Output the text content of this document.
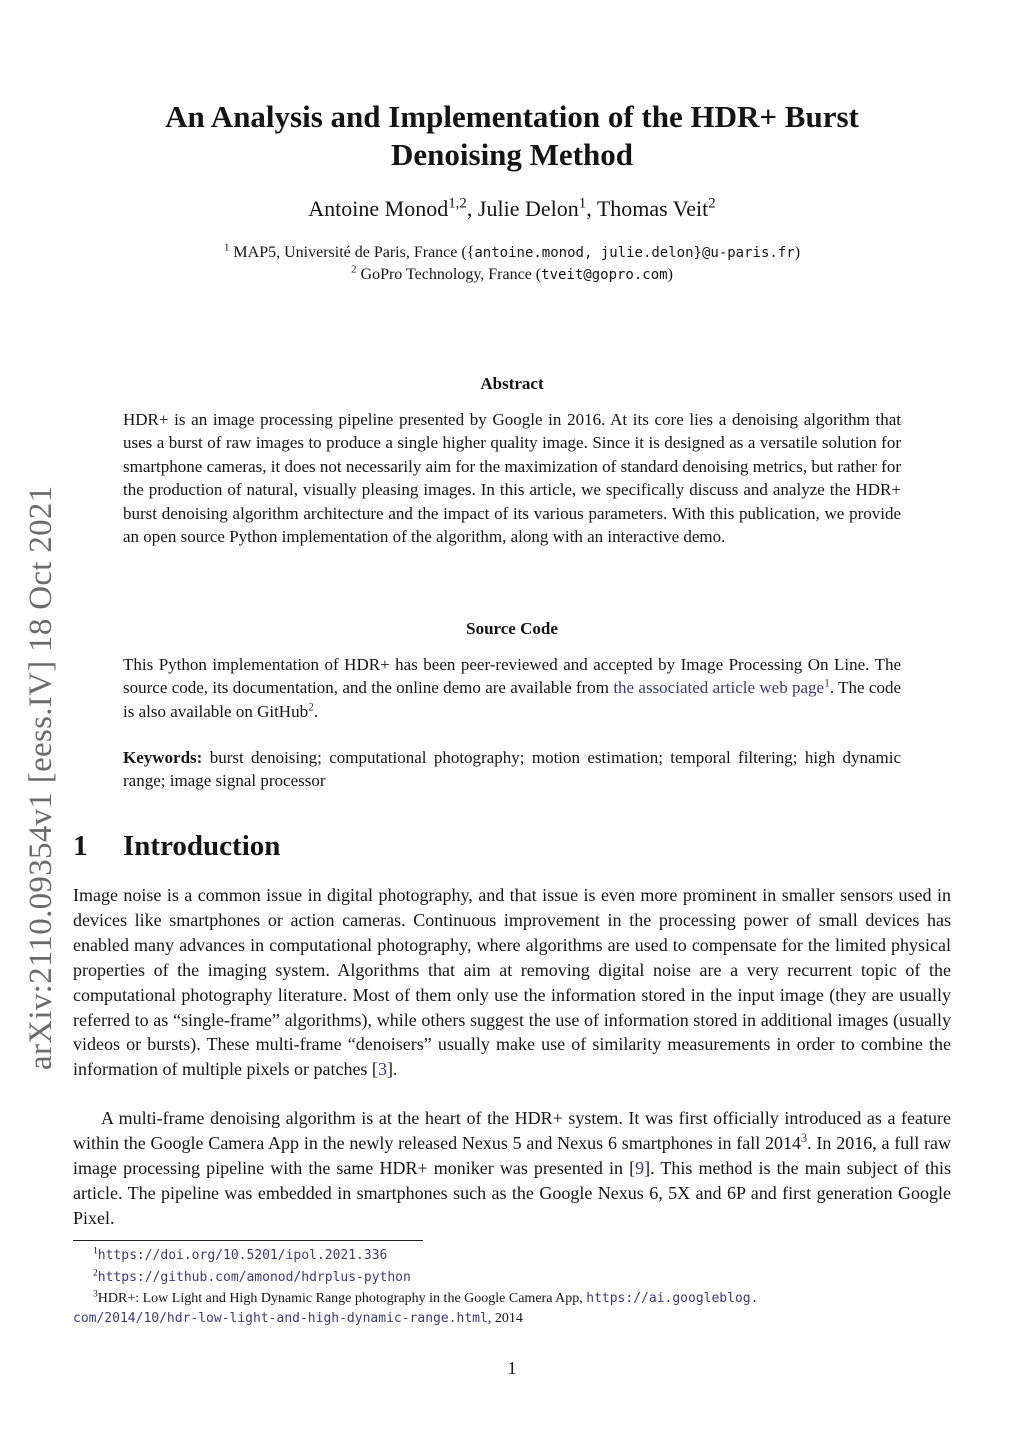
arXiv:2110.09354v1 [eess.IV] 18 Oct 2021
An Analysis and Implementation of the HDR+ Burst Denoising Method
Antoine Monod$^{1,2}$, Julie Delon$^1$, Thomas Veit$^2$
$^1$ MAP5, Université de Paris, France ({antoine.monod, julie.delon}@u-paris.fr)
$^2$ GoPro Technology, France (tveit@gopro.com)
Abstract

HDR+ is an image processing pipeline presented by Google in 2016. At its core lies a denoising algorithm that uses a burst of raw images to produce a single higher quality image. Since it is designed as a versatile solution for smartphone cameras, it does not necessarily aim for the maximization of standard denoising metrics, but rather for the production of natural, visually pleasing images. In this article, we specifically discuss and analyze the HDR+ burst denoising algorithm architecture and the impact of its various parameters. With this publication, we provide an open source Python implementation of the algorithm, along with an interactive demo.

Source Code

This Python implementation of HDR+ has been peer-reviewed and accepted by Image Processing On Line. The source code, its documentation, and the online demo are available from the associated article web page$^1$. The code is also available on GitHub$^2$.

Keywords: burst denoising; computational photography; motion estimation; temporal filtering; high dynamic range; image signal processor

1 Introduction

Image noise is a common issue in digital photography, and that issue is even more prominent in smaller sensors used in devices like smartphones or action cameras. Continuous improvement in the processing power of small devices has enabled many advances in computational photography, where algorithms are used to compensate for the limited physical properties of the imaging system. Algorithms that aim at removing digital noise are a very recurrent topic of the computational photography literature. Most of them only use the information stored in the input image (they are usually referred to as “single-frame” algorithms), while others suggest the use of information stored in additional images (usually videos or bursts). These multi-frame “denoisers” usually make use of similarity measurements in order to combine the information of multiple pixels or patches [3].

A multi-frame denoising algorithm is at the heart of the HDR+ system. It was first officially introduced as a feature within the Google Camera App in the newly released Nexus 5 and Nexus 6 smartphones in fall 2014$^3$. In 2016, a full raw image processing pipeline with the same HDR+ moniker was presented in [9]. This method is the main subject of this article. The pipeline was embedded in smartphones such as the Google Nexus 6, 5X and 6P and first generation Google Pixel.

$^1$https://doi.org/10.5201/ipol.2021.336

$^2$https://github.com/amonod/hdrplus-python

$^3$HDR+: Low Light and High Dynamic Range photography in the Google Camera App, https://ai.googleblog.

com/2014/10/hdr-low-light-and-high-dynamic-range.html, 2014

1
